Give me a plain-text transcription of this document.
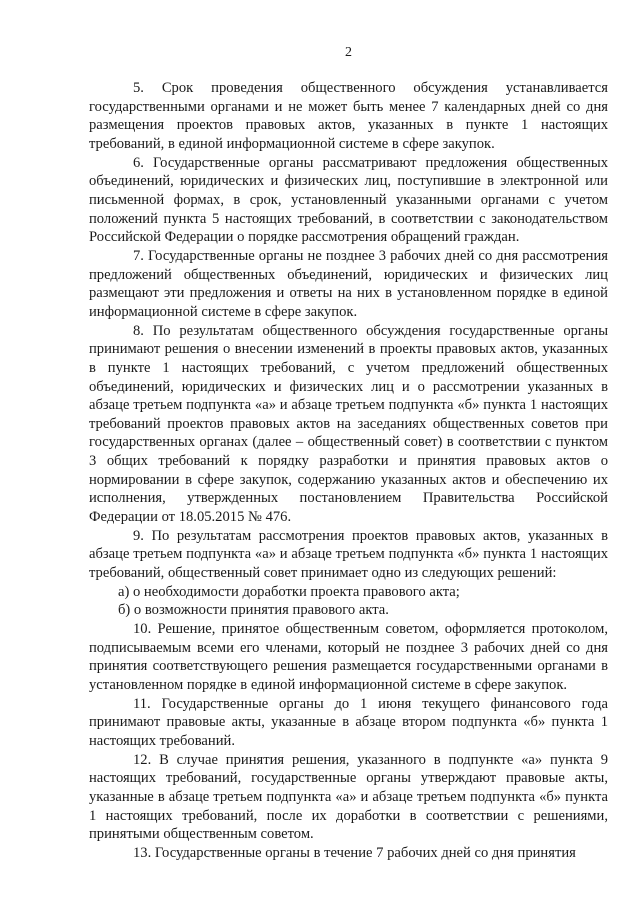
2

5. Срок проведения общественного обсуждения устанавливается государственными органами и не может быть менее 7 календарных дней со дня размещения проектов правовых актов, указанных в пункте 1 настоящих требований, в единой информационной системе в сфере закупок.

6. Государственные органы рассматривают предложения общественных объединений, юридических и физических лиц, поступившие в электронной или письменной формах, в срок, установленный указанными органами с учетом положений пункта 5 настоящих требований, в соответствии с законодательством Российской Федерации о порядке рассмотрения обращений граждан.

7. Государственные органы не позднее 3 рабочих дней со дня рассмотрения предложений общественных объединений, юридических и физических лиц размещают эти предложения и ответы на них в установленном порядке в единой информационной системе в сфере закупок.

8. По результатам общественного обсуждения государственные органы принимают решения о внесении изменений в проекты правовых актов, указанных в пункте 1 настоящих требований, с учетом предложений общественных объединений, юридических и физических лиц и о рассмотрении указанных в абзаце третьем подпункта «а» и абзаце третьем подпункта «б» пункта 1 настоящих требований проектов правовых актов на заседаниях общественных советов при государственных органах (далее – общественный совет) в соответствии с пунктом 3 общих требований к порядку разработки и принятия правовых актов о нормировании в сфере закупок, содержанию указанных актов и обеспечению их исполнения, утвержденных постановлением Правительства Российской Федерации от 18.05.2015 № 476.

9. По результатам рассмотрения проектов правовых актов, указанных в абзаце третьем подпункта «а» и абзаце третьем подпункта «б» пункта 1 настоящих требований, общественный совет принимает одно из следующих решений:

а) о необходимости доработки проекта правового акта;

б) о возможности принятия правового акта.

10. Решение, принятое общественным советом, оформляется протоколом, подписываемым всеми его членами, который не позднее 3 рабочих дней со дня принятия соответствующего решения размещается государственными органами в установленном порядке в единой информационной системе в сфере закупок.

11. Государственные органы до 1 июня текущего финансового года принимают правовые акты, указанные в абзаце втором подпункта «б» пункта 1 настоящих требований.

12. В случае принятия решения, указанного в подпункте «а» пункта 9 настоящих требований, государственные органы утверждают правовые акты, указанные в абзаце третьем подпункта «а» и абзаце третьем подпункта «б» пункта 1 настоящих требований, после их доработки в соответствии с решениями, принятыми общественным советом.

13. Государственные органы в течение 7 рабочих дней со дня принятия
